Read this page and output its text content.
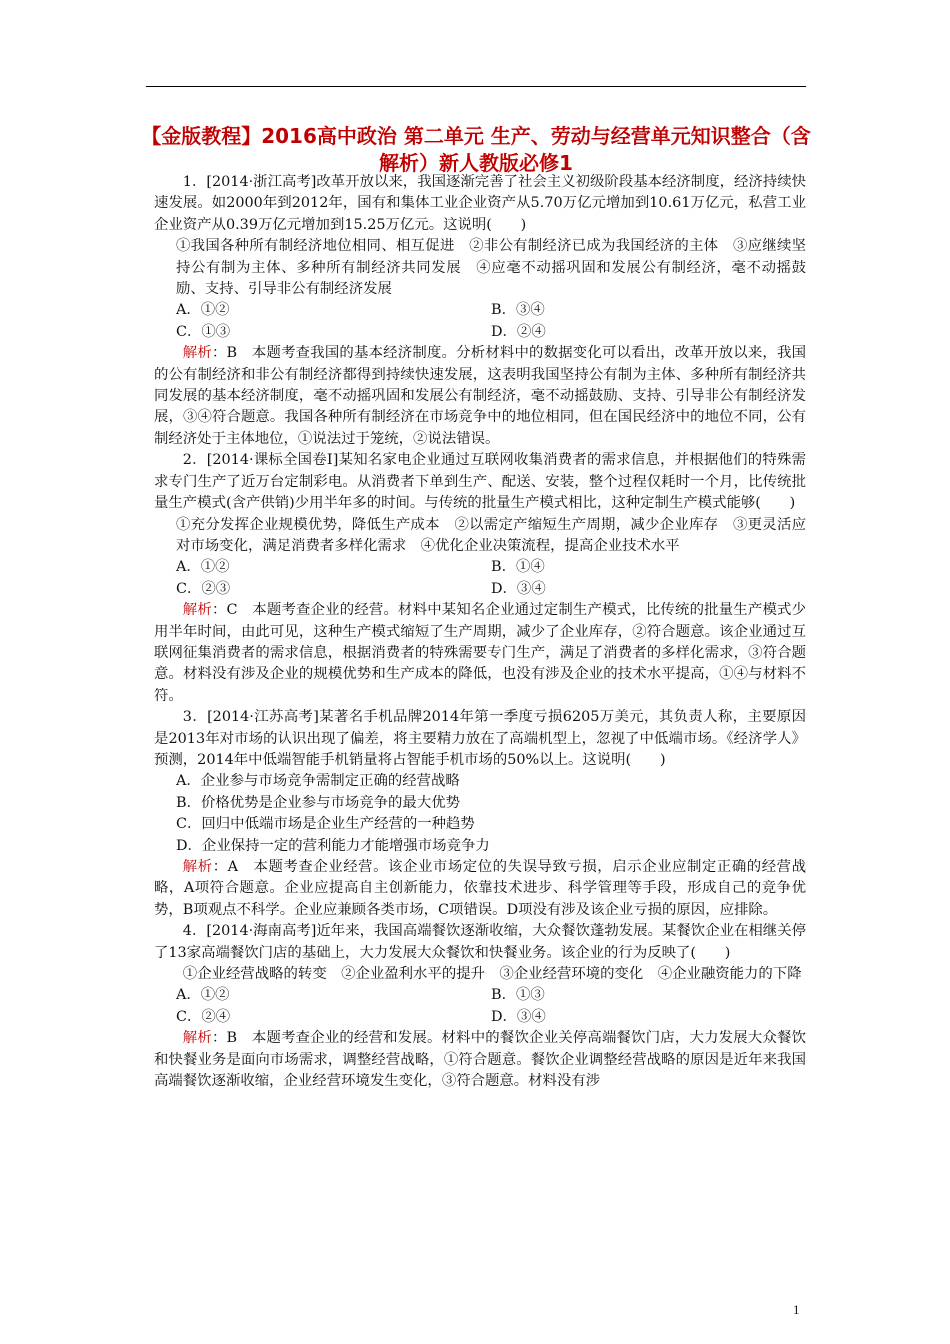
【金版教程】2016高中政治 第二单元 生产、劳动与经营单元知识整合（含解析）新人教版必修1

1．[2014·浙江高考]改革开放以来，我国逐渐完善了社会主义初级阶段基本经济制度，经济持续快速发展。如2000年到2012年，国有和集体工业企业资产从5.70万亿元增加到10.61万亿元，私营工业企业资产从0.39万亿元增加到15.25万亿元。这说明(　　)

①我国各种所有制经济地位相同、相互促进　②非公有制经济已成为我国经济的主体　③应继续坚持公有制为主体、多种所有制经济共同发展　④应毫不动摇巩固和发展公有制经济，毫不动摇鼓励、支持、引导非公有制经济发展

A．①②	B．③④
C．①③	D．②④

解析：B　本题考查我国的基本经济制度。分析材料中的数据变化可以看出，改革开放以来，我国的公有制经济和非公有制经济都得到持续快速发展，这表明我国坚持公有制为主体、多种所有制经济共同发展的基本经济制度，毫不动摇巩固和发展公有制经济，毫不动摇鼓励、支持、引导非公有制经济发展，③④符合题意。我国各种所有制经济在市场竞争中的地位相同，但在国民经济中的地位不同，公有制经济处于主体地位，①说法过于笼统，②说法错误。

2．[2014·课标全国卷Ⅰ]某知名家电企业通过互联网收集消费者的需求信息，并根据他们的特殊需求专门生产了近万台定制彩电。从消费者下单到生产、配送、安装，整个过程仅耗时一个月，比传统批量生产模式(含产供销)少用半年多的时间。与传统的批量生产模式相比，这种定制生产模式能够(　　)

①充分发挥企业规模优势，降低生产成本　②以需定产缩短生产周期，减少企业库存　③更灵活应对市场变化，满足消费者多样化需求　④优化企业决策流程，提高企业技术水平

A．①②	B．①④
C．②③	D．③④

解析：C　本题考查企业的经营。材料中某知名企业通过定制生产模式，比传统的批量生产模式少用半年时间，由此可见，这种生产模式缩短了生产周期，减少了企业库存，②符合题意。该企业通过互联网征集消费者的需求信息，根据消费者的特殊需要专门生产，满足了消费者的多样化需求，③符合题意。材料没有涉及企业的规模优势和生产成本的降低，也没有涉及企业的技术水平提高，①④与材料不符。

3．[2014·江苏高考]某著名手机品牌2014年第一季度亏损6205万美元，其负责人称，主要原因是2013年对市场的认识出现了偏差，将主要精力放在了高端机型上，忽视了中低端市场。《经济学人》预测，2014年中低端智能手机销量将占智能手机市场的50%以上。这说明(　　)

A．企业参与市场竞争需制定正确的经营战略

B．价格优势是企业参与市场竞争的最大优势

C．回归中低端市场是企业生产经营的一种趋势

D．企业保持一定的营利能力才能增强市场竞争力

解析：A　本题考查企业经营。该企业市场定位的失误导致亏损，启示企业应制定正确的经营战略，A项符合题意。企业应提高自主创新能力，依靠技术进步、科学管理等手段，形成自己的竞争优势，B项观点不科学。企业应兼顾各类市场，C项错误。D项没有涉及该企业亏损的原因，应排除。

4．[2014·海南高考]近年来，我国高端餐饮逐渐收缩，大众餐饮蓬勃发展。某餐饮企业在相继关停了13家高端餐饮门店的基础上，大力发展大众餐饮和快餐业务。该企业的行为反映了(　　)

①企业经营战略的转变　②企业盈利水平的提升　③企业经营环境的变化　④企业融资能力的下降

A．①②	B．①③
C．②④	D．③④

解析：B　本题考查企业的经营和发展。材料中的餐饮企业关停高端餐饮门店，大力发展大众餐饮和快餐业务是面向市场需求，调整经营战略，①符合题意。餐饮企业调整经营战略的原因是近年来我国高端餐饮逐渐收缩，企业经营环境发生变化，③符合题意。材料没有涉

1
